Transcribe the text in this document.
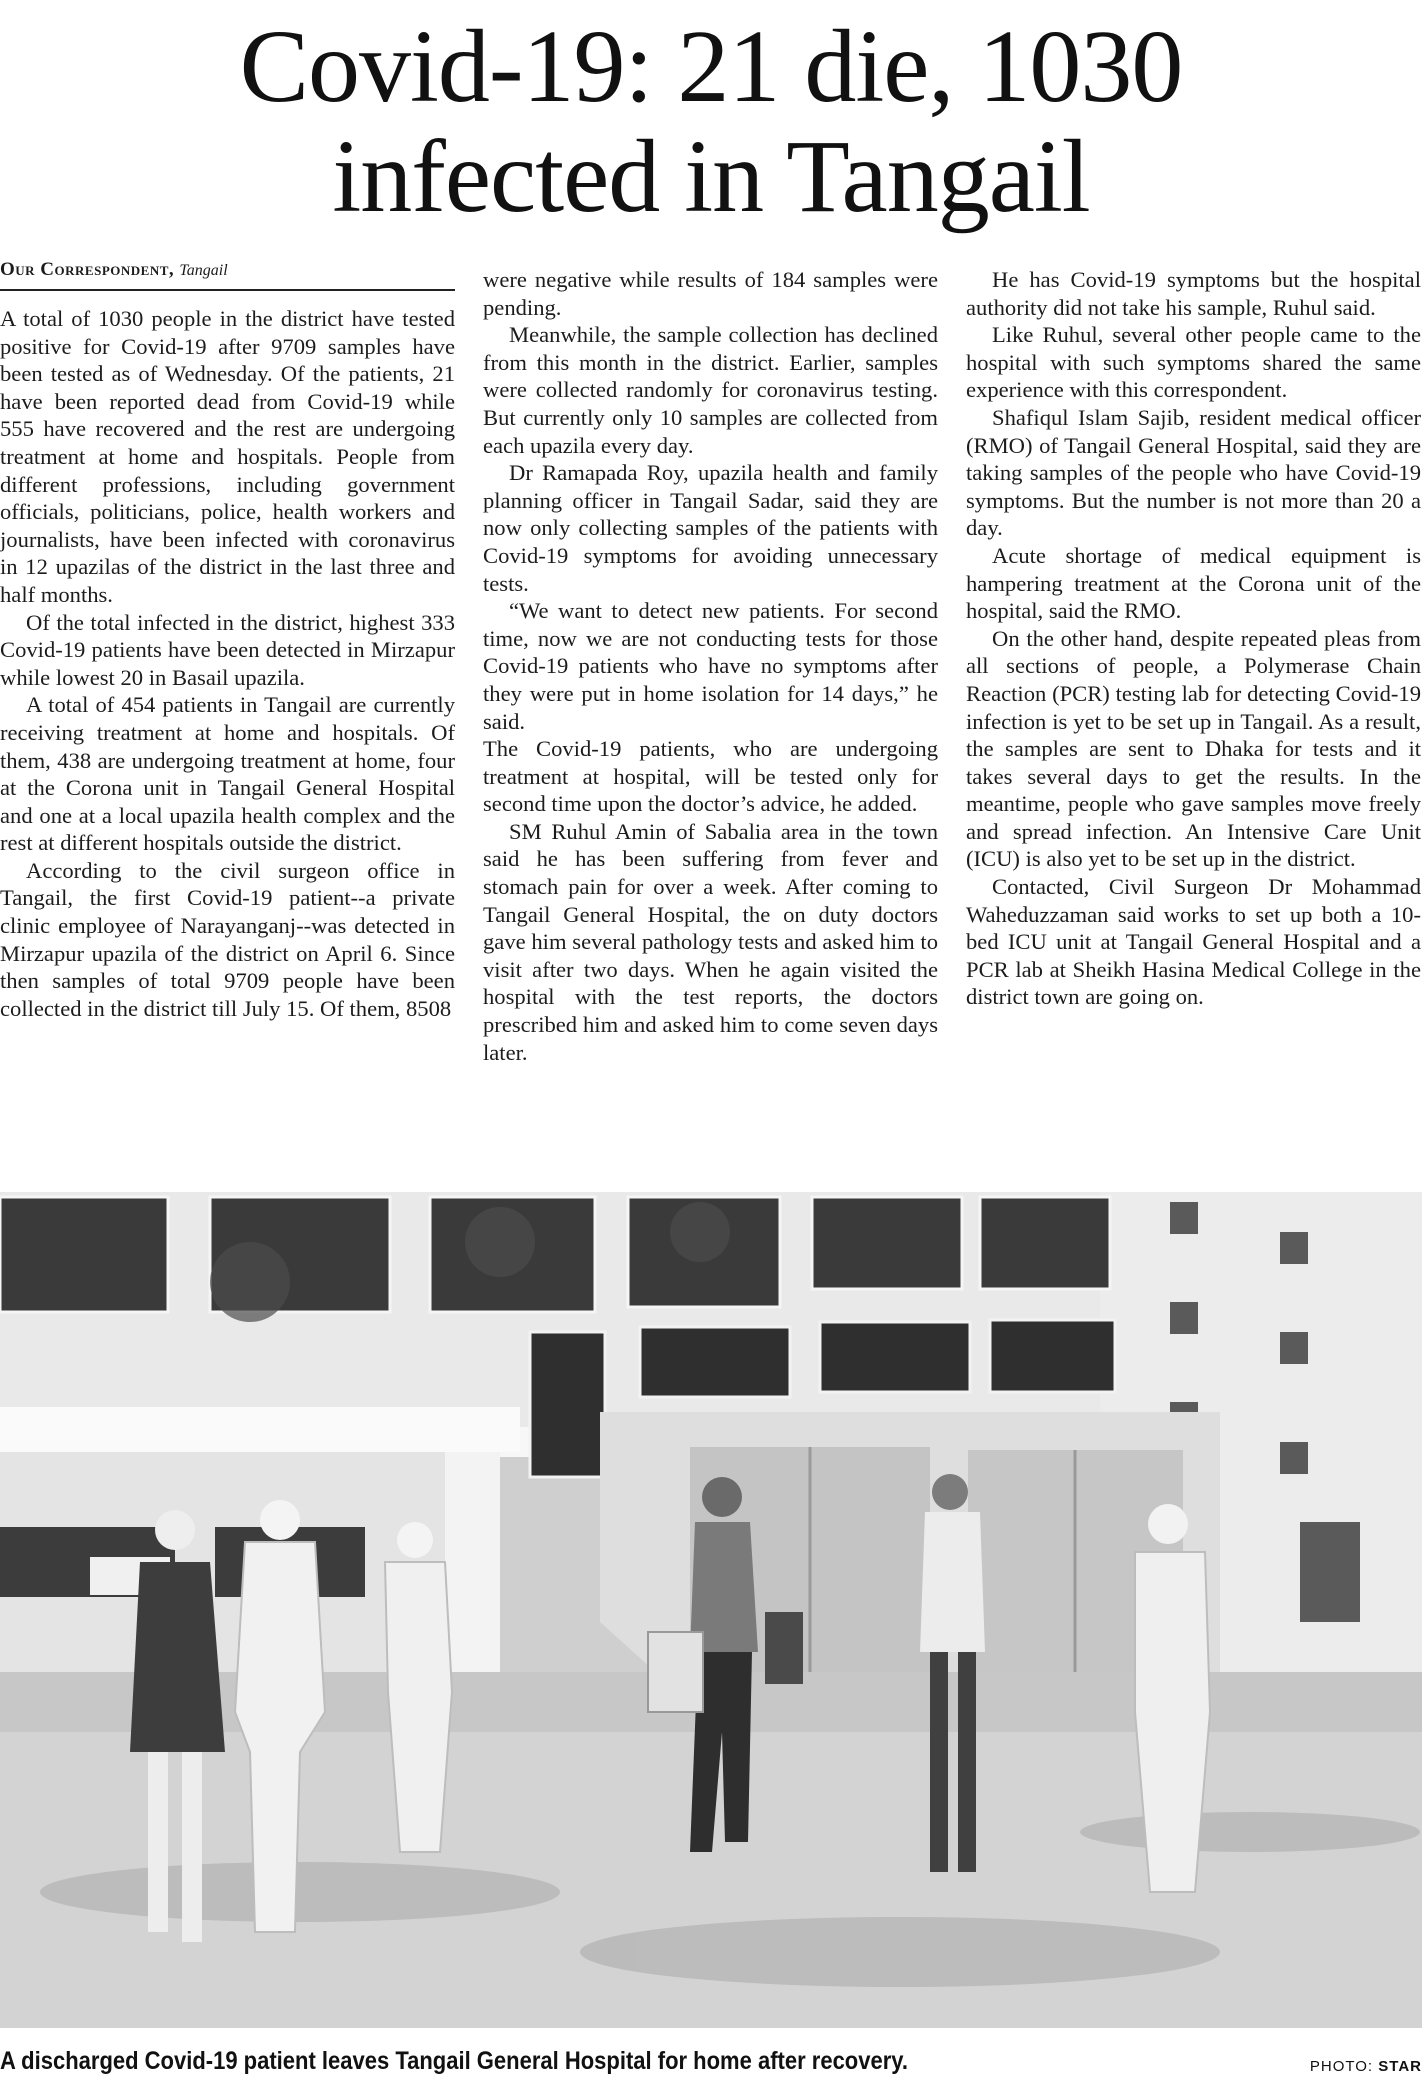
Covid-19: 21 die, 1030
infected in Tangail
Our Correspondent, Tangail

A total of 1030 people in the district have tested positive for Covid-19 after 9709 samples have been tested as of Wednesday. Of the patients, 21 have been reported dead from Covid-19 while 555 have recovered and the rest are undergoing treatment at home and hospitals. People from different professions, including government officials, politicians, police, health workers and journalists, have been infected with coronavirus in 12 upazilas of the district in the last three and half months.

Of the total infected in the district, highest 333 Covid-19 patients have been detected in Mirzapur while lowest 20 in Basail upazila.

A total of 454 patients in Tangail are currently receiving treatment at home and hospitals. Of them, 438 are undergoing treatment at home, four at the Corona unit in Tangail General Hospital and one at a local upazila health complex and the rest at different hospitals outside the district.

According to the civil surgeon office in Tangail, the first Covid-19 patient--a private clinic employee of Narayanganj--was detected in Mirzapur upazila of the district on April 6. Since then samples of total 9709 people have been collected in the district till July 15. Of them, 8508

were negative while results of 184 samples were pending.

Meanwhile, the sample collection has declined from this month in the district. Earlier, samples were collected randomly for coronavirus testing. But currently only 10 samples are collected from each upazila every day.

Dr Ramapada Roy, upazila health and family planning officer in Tangail Sadar, said they are now only collecting samples of the patients with Covid-19 symptoms for avoiding unnecessary tests.

“We want to detect new patients. For second time, now we are not conducting tests for those Covid-19 patients who have no symptoms after they were put in home isolation for 14 days,” he said.

The Covid-19 patients, who are undergoing treatment at hospital, will be tested only for second time upon the doctor’s advice, he added.

SM Ruhul Amin of Sabalia area in the town said he has been suffering from fever and stomach pain for over a week. After coming to Tangail General Hospital, the on duty doctors gave him several pathology tests and asked him to visit after two days. When he again visited the hospital with the test reports, the doctors prescribed him and asked him to come seven days later.

He has Covid-19 symptoms but the hospital authority did not take his sample, Ruhul said.

Like Ruhul, several other people came to the hospital with such symptoms shared the same experience with this correspondent.

Shafiqul Islam Sajib, resident medical officer (RMO) of Tangail General Hospital, said they are taking samples of the people who have Covid-19 symptoms. But the number is not more than 20 a day.

Acute shortage of medical equipment is hampering treatment at the Corona unit of the hospital, said the RMO.

On the other hand, despite repeated pleas from all sections of people, a Polymerase Chain Reaction (PCR) testing lab for detecting Covid-19 infection is yet to be set up in Tangail. As a result, the samples are sent to Dhaka for tests and it takes several days to get the results. In the meantime, people who gave samples move freely and spread infection. An Intensive Care Unit (ICU) is also yet to be set up in the district.

Contacted, Civil Surgeon Dr Mohammad Waheduzzaman said works to set up both a 10-bed ICU unit at Tangail General Hospital and a PCR lab at Sheikh Hasina Medical College in the district town are going on.

A discharged Covid-19 patient leaves Tangail General Hospital for home after recovery.	PHOTO: STAR
